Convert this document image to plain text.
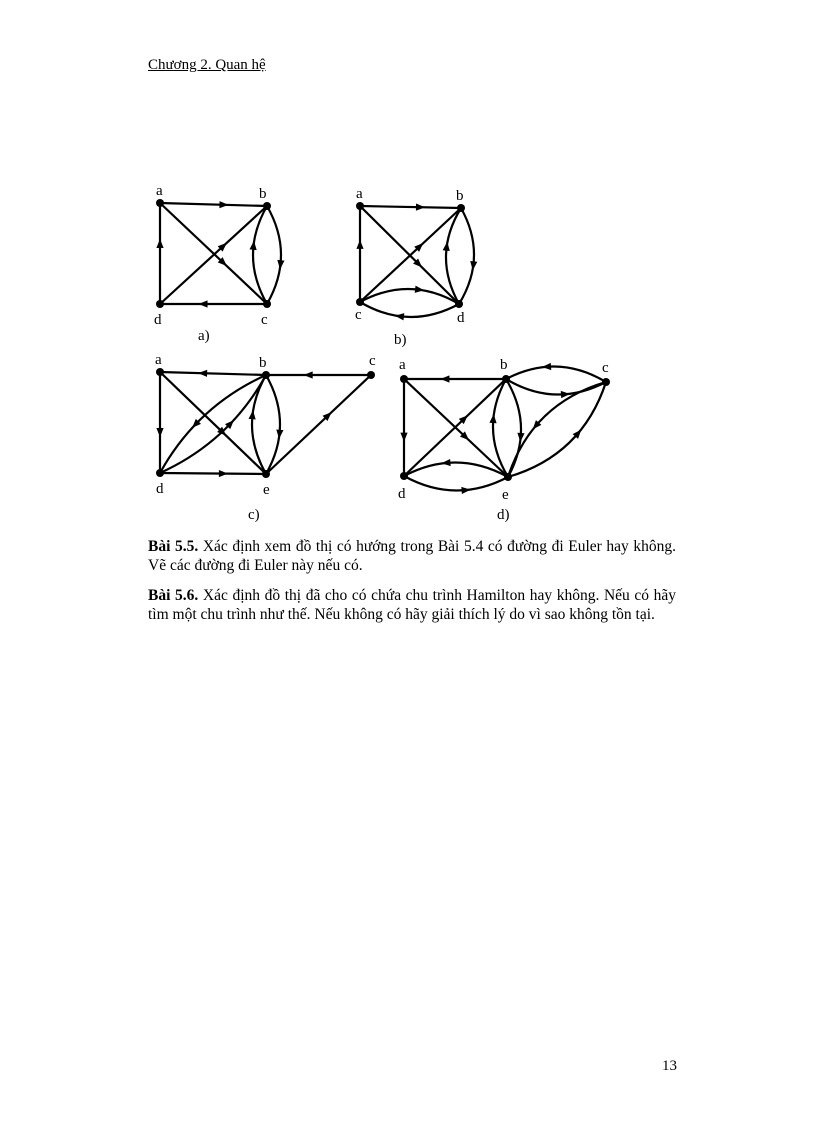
Chương 2. Quan hệ
a	b
c
d
a)
a	b
c	d
b)
a	b	c
d	e
c)
a	b	c
d	e
d)
Bài 5.5. Xác định xem đồ thị có hướng trong Bài 5.4 có đường đi Euler hay không. Vẽ các đường đi Euler này nếu có.
Bài 5.6. Xác định đồ thị đã cho có chứa chu trình Hamilton hay không. Nếu có hãy tìm một chu trình như thế. Nếu không có hãy giải thích lý do vì sao không tồn tại.
13
